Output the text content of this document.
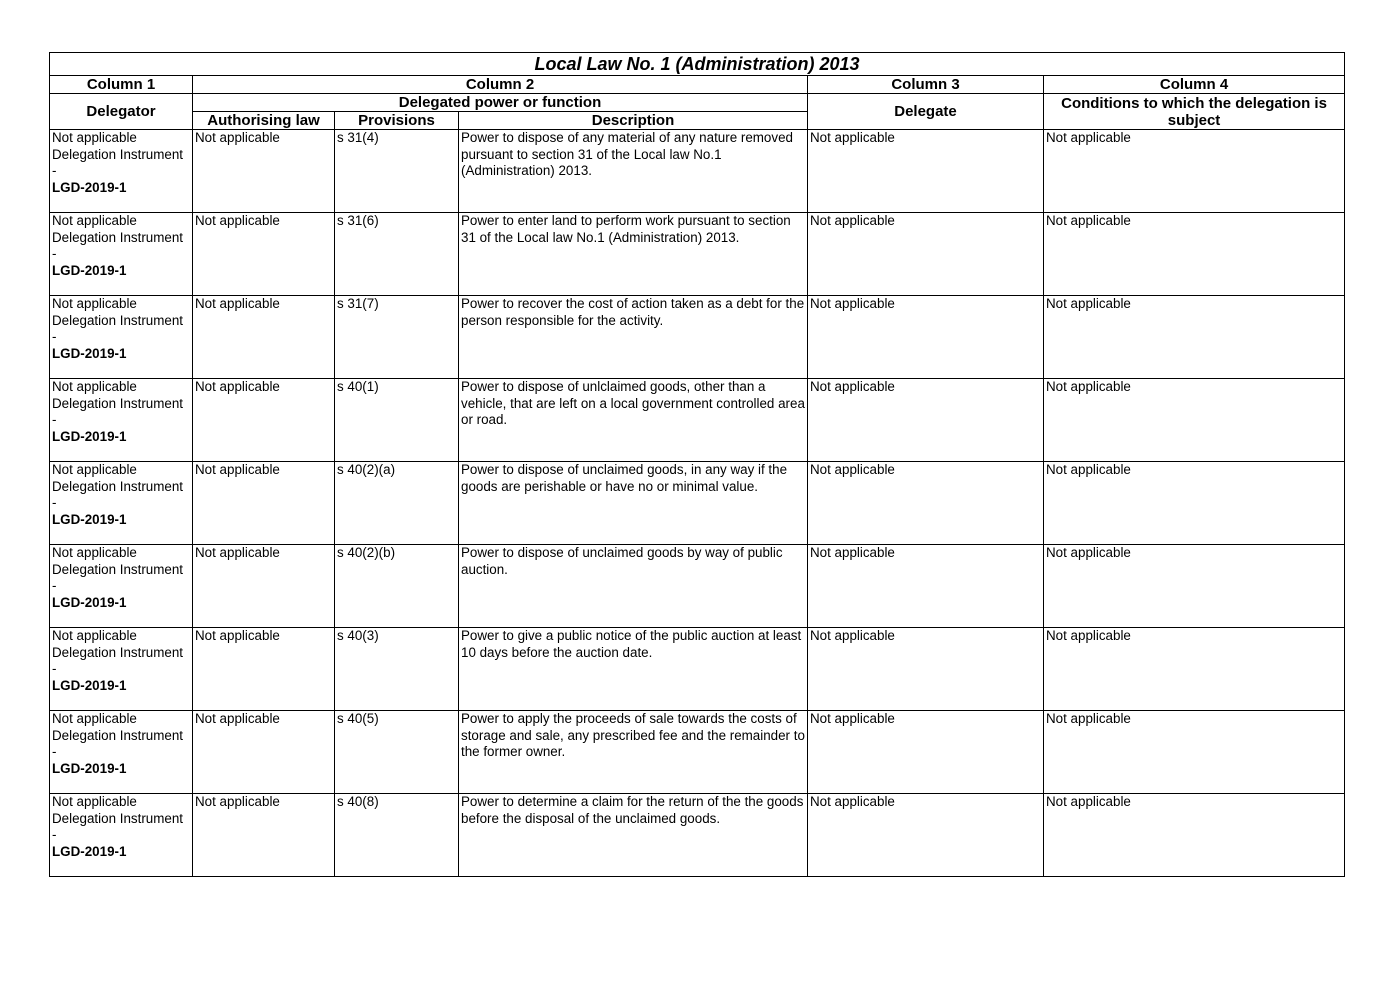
Local Law No. 1 (Administration) 2013					
Column 1	Column 2			Column 3	Column 4
Delegator	Delegated power or function			Delegate	Conditions to which the delegation is subject
	Authorising law	Provisions	Description		

Not applicable
Delegation Instrument -
LGD-2019-1	Not applicable	s 31(4)	Power to dispose of any material of any nature removed pursuant to section 31 of the Local law No.1 (Administration) 2013.	Not applicable	Not applicable

Not applicable
Delegation Instrument -
LGD-2019-1	Not applicable	s 31(6)	Power to enter land to perform work pursuant to section 31 of the Local law No.1 (Administration) 2013.	Not applicable	Not applicable

Not applicable
Delegation Instrument -
LGD-2019-1	Not applicable	s 31(7)	Power to recover the cost of action taken as a debt for the person responsible for the activity.	Not applicable	Not applicable

Not applicable
Delegation Instrument -
LGD-2019-1	Not applicable	s 40(1)	Power to dispose of unlclaimed goods, other than a vehicle, that are left on a local government controlled area or road.	Not applicable	Not applicable

Not applicable
Delegation Instrument -
LGD-2019-1	Not applicable	s 40(2)(a)	Power to dispose of unclaimed goods, in any way if the goods are perishable or have no or minimal value.	Not applicable	Not applicable

Not applicable
Delegation Instrument -
LGD-2019-1	Not applicable	s 40(2)(b)	Power to dispose of unclaimed goods by way of public auction.	Not applicable	Not applicable

Not applicable
Delegation Instrument -
LGD-2019-1	Not applicable	s 40(3)	Power to give a public notice of the public auction at least 10 days before the auction date.	Not applicable	Not applicable

Not applicable
Delegation Instrument -
LGD-2019-1	Not applicable	s 40(5)	Power to apply the proceeds of sale towards the costs of storage and sale, any prescribed fee and the remainder to the former owner.	Not applicable	Not applicable

Not applicable
Delegation Instrument -
LGD-2019-1	Not applicable	s 40(8)	Power to determine a claim for the return of the the goods before the disposal of the unclaimed goods.	Not applicable	Not applicable
